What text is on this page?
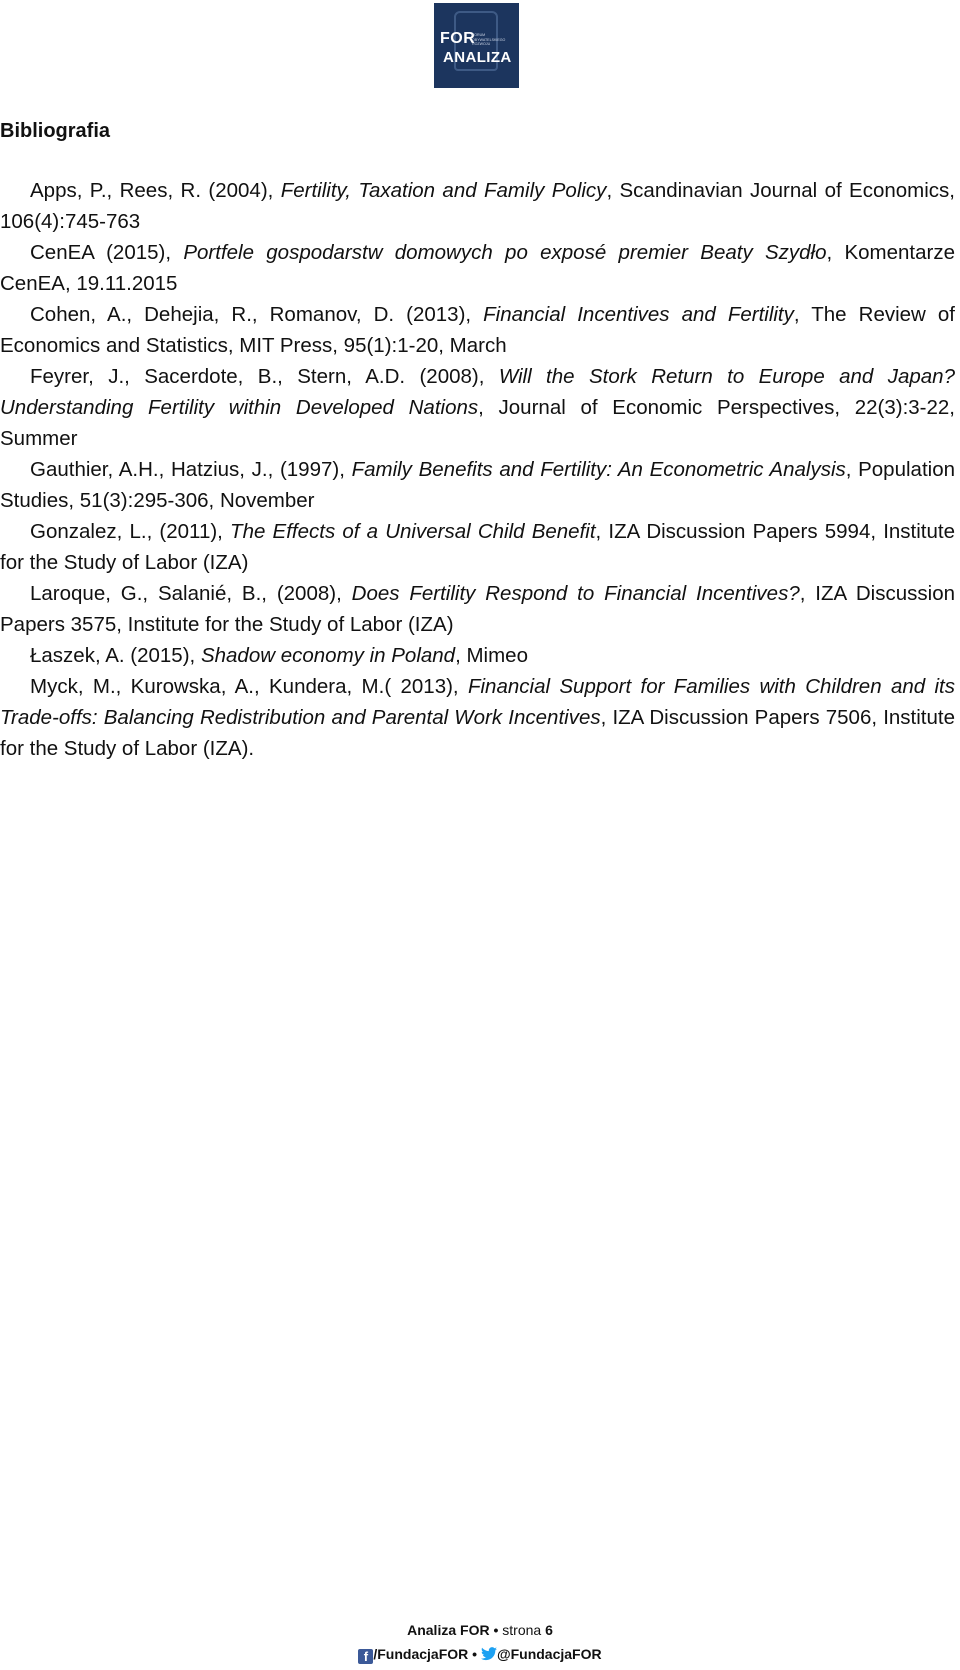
FOR
FORUM OBYWATELSKIEGO ROZWOJU
ANALIZA
Bibliografia

Apps, P., Rees, R. (2004), Fertility, Taxation and Family Policy, Scandinavian Journal of Economics, 106(4):745-763

CenEA (2015), Portfele gospodarstw domowych po exposé premier Beaty Szydło, Komentarze CenEA, 19.11.2015

Cohen, A., Dehejia, R., Romanov, D. (2013), Financial Incentives and Fertility, The Review of Economics and Statistics, MIT Press, 95(1):1-20, March

Feyrer, J., Sacerdote, B., Stern, A.D. (2008), Will the Stork Return to Europe and Japan? Understanding Fertility within Developed Nations, Journal of Economic Perspectives, 22(3):3-22, Summer

Gauthier, A.H., Hatzius, J., (1997), Family Benefits and Fertility: An Econometric Analysis, Population Studies, 51(3):295-306, November

Gonzalez, L., (2011), The Effects of a Universal Child Benefit, IZA Discussion Papers 5994, Institute for the Study of Labor (IZA)

Laroque, G., Salanié, B., (2008), Does Fertility Respond to Financial Incentives?, IZA Discussion Papers 3575, Institute for the Study of Labor (IZA)

Łaszek, A. (2015), Shadow economy in Poland, Mimeo

Myck, M., Kurowska, A., Kundera, M.( 2013), Financial Support for Families with Children and its Trade-offs: Balancing Redistribution and Parental Work Incentives, IZA Discussion Papers 7506, Institute for the Study of Labor (IZA).

Analiza FOR • strona 6
f /FundacjaFOR • @FundacjaFOR
